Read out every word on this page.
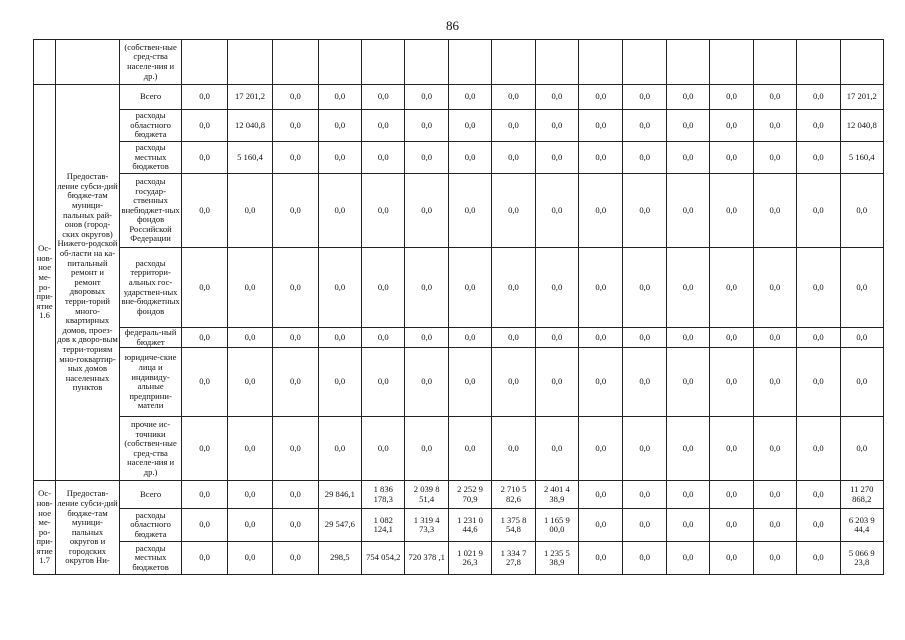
86
		(собствен-ные сред-ства населе-ния и др.)																
Ос-нов-ное ме-ро-при-ятие 1.6	Предостав-ление субси-дий бюдже-там муници-пальных рай-онов (город-ских округов) Нижего-родской об-ласти на ка-питальный ремонт и ремонт дворовых терри-торий много-квартирных домов, проез-дов к дворо-вым терри-ториям мно-гоквартир-ных домов населенных пунктов	Всего	0,0	17 201,2	0,0	0,0	0,0	0,0	0,0	0,0	0,0	0,0	0,0	0,0	0,0	0,0	0,0	17 201,2
		расходы областного бюджета	0,0	12 040,8	0,0	0,0	0,0	0,0	0,0	0,0	0,0	0,0	0,0	0,0	0,0	0,0	0,0	12 040,8
		расходы местных бюджетов	0,0	5 160,4	0,0	0,0	0,0	0,0	0,0	0,0	0,0	0,0	0,0	0,0	0,0	0,0	0,0	5 160,4
		расходы государ-ственных внебюджет-ных фондов Российской Федерации	0,0	0,0	0,0	0,0	0,0	0,0	0,0	0,0	0,0	0,0	0,0	0,0	0,0	0,0	0,0	0,0
		расходы территори-альных гос-ударствен-ных вне-бюджетных фондов	0,0	0,0	0,0	0,0	0,0	0,0	0,0	0,0	0,0	0,0	0,0	0,0	0,0	0,0	0,0	0,0
		федераль-ный бюджет	0,0	0,0	0,0	0,0	0,0	0,0	0,0	0,0	0,0	0,0	0,0	0,0	0,0	0,0	0,0	0,0
		юридиче-ские лица и индивиду-альные предприни-матели	0,0	0,0	0,0	0,0	0,0	0,0	0,0	0,0	0,0	0,0	0,0	0,0	0,0	0,0	0,0	0,0
		прочие ис-точники (собствен-ные сред-ства населе-ния и др.)	0,0	0,0	0,0	0,0	0,0	0,0	0,0	0,0	0,0	0,0	0,0	0,0	0,0	0,0	0,0	0,0
Ос-нов-ное ме-ро-при-ятие 1.7	Предостав-ление субси-дий бюдже-там муници-пальных округов и городских округов Ни-	Всего	0,0	0,0	0,0	29 846,1	1 836 178,3	2 039 8 51,4	2 252 9 70,9	2 710 5 82,6	2 401 4 38,9	0,0	0,0	0,0	0,0	0,0	0,0	11 270 868,2
		расходы областного бюджета	0,0	0,0	0,0	29 547,6	1 082 124,1	1 319 4 73,3	1 231 0 44,6	1 375 8 54,8	1 165 9 00,0	0,0	0,0	0,0	0,0	0,0	0,0	6 203 9 44,4
		расходы местных бюджетов	0,0	0,0	0,0	298,5	754 054,2	720 378 ,1	1 021 9 26,3	1 334 7 27,8	1 235 5 38,9	0,0	0,0	0,0	0,0	0,0	0,0	5 066 9 23,8
